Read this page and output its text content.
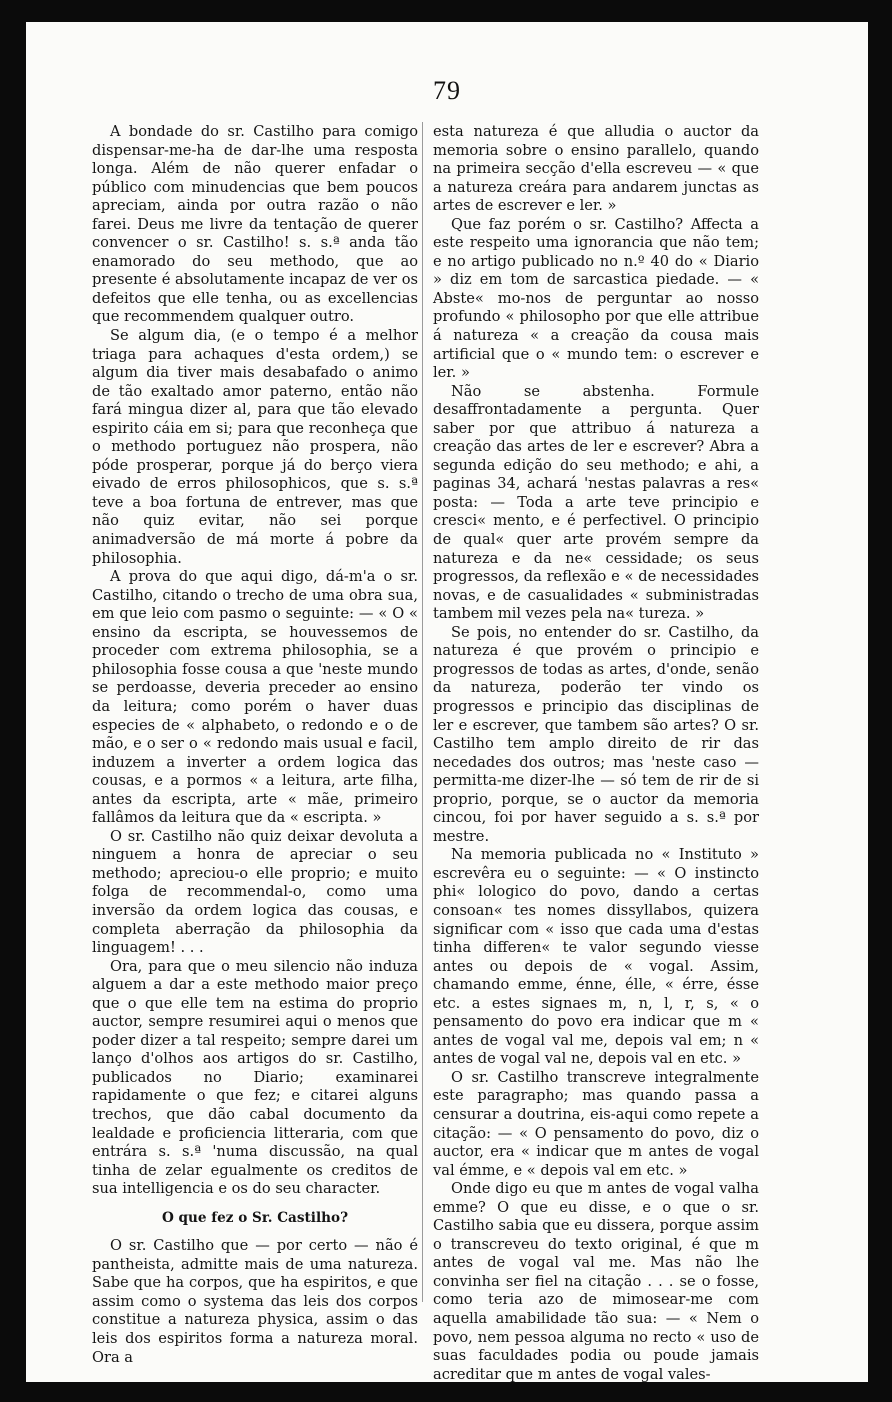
79

A bondade do sr. Castilho para comigo dispensar-me-ha de dar-lhe uma resposta longa. Além de não querer enfadar o público com minudencias que bem poucos apreciam, ainda por outra razão o não farei. Deus me livre da tentação de querer convencer o sr. Castilho! s. s.ª anda tão enamorado do seu methodo, que ao presente é absolutamente incapaz de ver os defeitos que elle tenha, ou as excellencias que recommendem qualquer outro.

Se algum dia, (e o tempo é a melhor triaga para achaques d'esta ordem,) se algum dia tiver mais desabafado o animo de tão exaltado amor paterno, então não fará mingua dizer al, para que tão elevado espirito cáia em si; para que reconheça que o methodo portuguez não prospera, não póde prosperar, porque já do berço viera eivado de erros philosophicos, que s. s.ª teve a boa fortuna de entrever, mas que não quiz evitar, não sei porque animadversão de má morte á pobre da philosophia.

A prova do que aqui digo, dá-m'a o sr. Castilho, citando o trecho de uma obra sua, em que leio com pasmo o seguinte: — « O « ensino da escripta, se houvessemos de proceder com extrema philosophia, se a philosophia fosse cousa a que 'neste mundo se perdoasse, deveria preceder ao ensino da leitura; como porém o haver duas especies de « alphabeto, o redondo e o de mão, e o ser o « redondo mais usual e facil, induzem a inverter a ordem logica das cousas, e a pormos « a leitura, arte filha, antes da escripta, arte « mãe, primeiro fallâmos da leitura que da « escripta. »

O sr. Castilho não quiz deixar devoluta a ninguem a honra de apreciar o seu methodo; apreciou-o elle proprio; e muito folga de recommendal-o, como uma inversão da ordem logica das cousas, e completa aberração da philosophia da linguagem! . . .

Ora, para que o meu silencio não induza alguem a dar a este methodo maior preço que o que elle tem na estima do proprio auctor, sempre resumirei aqui o menos que poder dizer a tal respeito; sempre darei um lanço d'olhos aos artigos do sr. Castilho, publicados no Diario; examinarei rapidamente o que fez; e citarei alguns trechos, que dão cabal documento da lealdade e proficiencia litteraria, com que entrára s. s.ª 'numa discussão, na qual tinha de zelar egualmente os creditos de sua intelligencia e os do seu character.

O que fez o Sr. Castilho?

O sr. Castilho que — por certo — não é pantheista, admitte mais de uma natureza. Sabe que ha corpos, que ha espiritos, e que assim como o systema das leis dos corpos constitue a natureza physica, assim o das leis dos espiritos forma a natureza moral. Ora a

esta natureza é que alludia o auctor da memoria sobre o ensino parallelo, quando na primeira secção d'ella escreveu — « que a natureza creára para andarem junctas as artes de escrever e ler. »

Que faz porém o sr. Castilho? Affecta a este respeito uma ignorancia que não tem; e no artigo publicado no n.º 40 do « Diario » diz em tom de sarcastica piedade. — « Abste« mo-nos de perguntar ao nosso profundo « philosopho por que elle attribue á natureza « a creação da cousa mais artificial que o « mundo tem: o escrever e ler. »

Não se abstenha. Formule desaffrontadamente a pergunta. Quer saber por que attribuo á natureza a creação das artes de ler e escrever? Abra a segunda edição do seu methodo; e ahi, a paginas 34, achará 'nestas palavras a res« posta: — Toda a arte teve principio e cresci« mento, e é perfectivel. O principio de qual« quer arte provém sempre da natureza e da ne« cessidade; os seus progressos, da reflexão e « de necessidades novas, e de casualidades « subministradas tambem mil vezes pela na« tureza. »

Se pois, no entender do sr. Castilho, da natureza é que provém o principio e progressos de todas as artes, d'onde, senão da natureza, poderão ter vindo os progressos e principio das disciplinas de ler e escrever, que tambem são artes? O sr. Castilho tem amplo direito de rir das necedades dos outros; mas 'neste caso — permitta-me dizer-lhe — só tem de rir de si proprio, porque, se o auctor da memoria cincou, foi por haver seguido a s. s.ª por mestre.

Na memoria publicada no « Instituto » escrevêra eu o seguinte: — « O instincto phi« lologico do povo, dando a certas consoan« tes nomes dissyllabos, quizera significar com « isso que cada uma d'estas tinha differen« te valor segundo viesse antes ou depois de « vogal. Assim, chamando emme, énne, élle, « érre, ésse etc. a estes signaes m, n, l, r, s, « o pensamento do povo era indicar que m « antes de vogal val me, depois val em; n « antes de vogal val ne, depois val en etc. »

O sr. Castilho transcreve integralmente este paragrapho; mas quando passa a censurar a doutrina, eis-aqui como repete a citação: — « O pensamento do povo, diz o auctor, era « indicar que m antes de vogal val émme, e « depois val em etc. »

Onde digo eu que m antes de vogal valha emme? O que eu disse, e o que o sr. Castilho sabia que eu dissera, porque assim o transcreveu do texto original, é que m antes de vogal val me. Mas não lhe convinha ser fiel na citação . . . se o fosse, como teria azo de mimosear-me com aquella amabilidade tão sua: — « Nem o povo, nem pessoa alguma no recto « uso de suas faculdades podia ou poude jamais acreditar que m antes de vogal vales-
